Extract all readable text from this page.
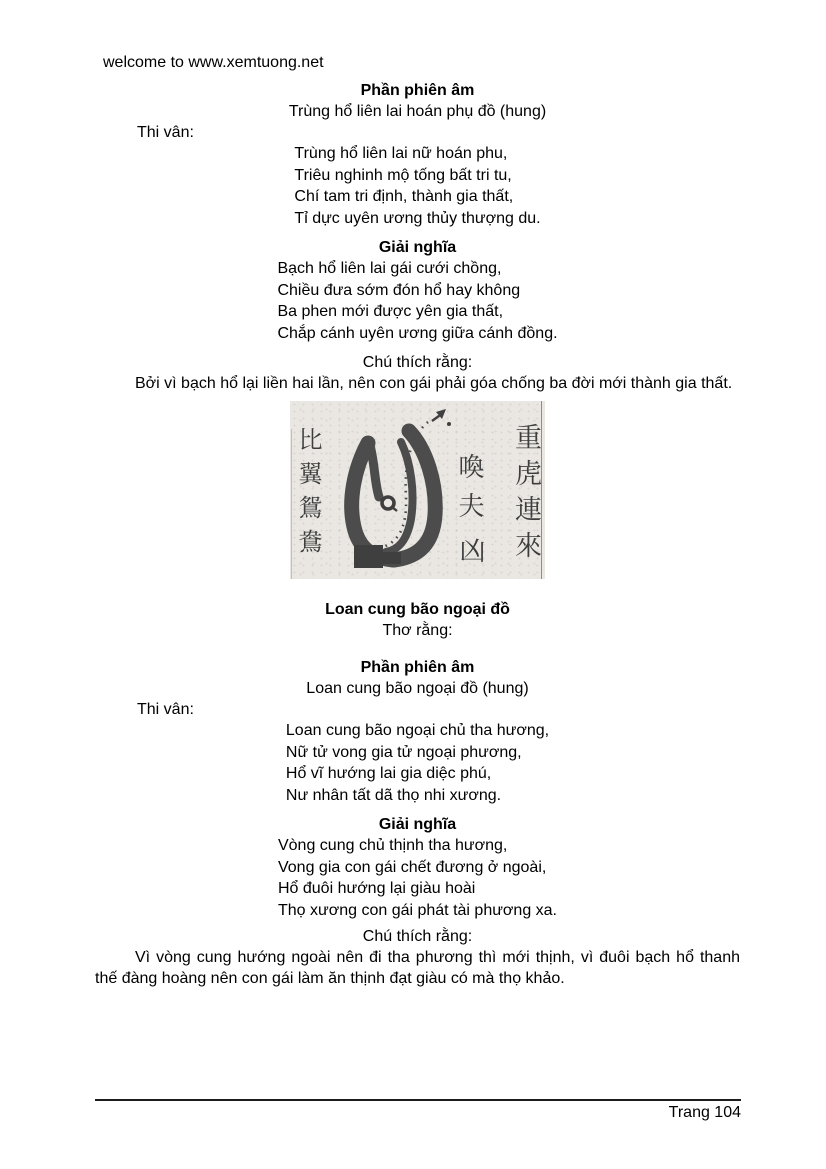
welcome to www.xemtuong.net
Phần phiên âm
Trùng hổ liên lai hoán phụ đồ (hung)
Thi vân:
Trùng hổ liên lai nữ hoán phu,
Triêu nghinh mộ tống bất tri tu,
Chí tam tri định, thành gia thất,
Tỉ dực uyên ương thủy thượng du.
Giải nghĩa
Bạch hổ liên lai gái cưới chồng,
Chiều đưa sớm đón hổ hay không
Ba phen mới được yên gia thất,
Chắp cánh uyên ương giữa cánh đồng.
Chú thích rằng:

Bởi vì bạch hổ lại liền hai lần, nên con gái phải góa chống ba đời mới thành gia thất.

重虎連來
喚夫
凶
比翼鴛鴦
Loan cung bão ngoại đồ
Thơ rằng:
Phần phiên âm
Loan cung bão ngoại đồ (hung)
Thi vân:
Loan cung bão ngoại chủ tha hương,
Nữ tử vong gia tử ngoại phương,
Hổ vĩ hướng lai gia diệc phú,
Nư nhân tất dã thọ nhi xương.
Giải nghĩa
Vòng cung chủ thịnh tha hương,
Vong gia con gái chết đương ở ngoài,
Hổ đuôi hướng lại giàu hoài
Thọ xương con gái phát tài phương xa.
Chú thích rằng:

Vì vòng cung hướng ngoài nên đi tha phương thì mới thịnh, vì đuôi bạch hổ thanh thế đàng hoàng nên con gái làm ăn thịnh đạt giàu có mà thọ khảo.

Trang 104
